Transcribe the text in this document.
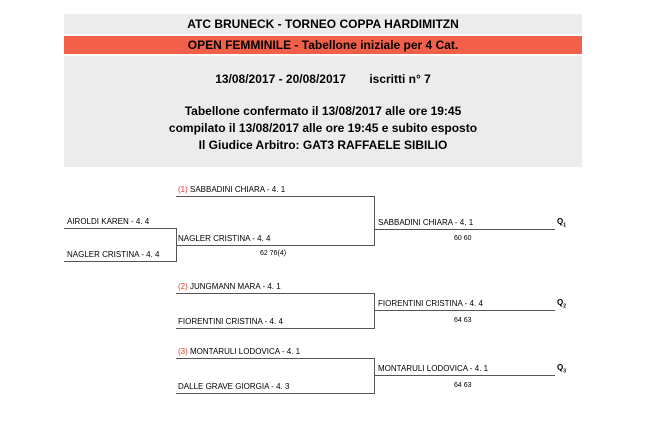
ATC BRUNECK - TORNEO COPPA HARDIMITZN
OPEN FEMMINILE - Tabellone iniziale per 4 Cat.
13/08/2017 - 20/08/2017 iscritti n° 7
Tabellone confermato il 13/08/2017 alle ore 19:45
compilato il 13/08/2017 alle ore 19:45 e subito esposto
Il Giudice Arbitro: GAT3 RAFFAELE SIBILIO
AIROLDI KAREN - 4. 4
NAGLER CRISTINA - 4. 4
(1) SABBADINI CHIARA - 4. 1
NAGLER CRISTINA - 4. 4
62 76(4)
(2) JUNGMANN MARA - 4. 1
FIORENTINI CRISTINA - 4. 4
(3) MONTARULI LODOVICA - 4. 1
DALLE GRAVE GIORGIA - 4. 3
SABBADINI CHIARA - 4. 1
60 60
$Q_1$
FIORENTINI CRISTINA - 4. 4
64 63
$Q_2$
MONTARULI LODOVICA - 4. 1
64 63
$Q_3$
